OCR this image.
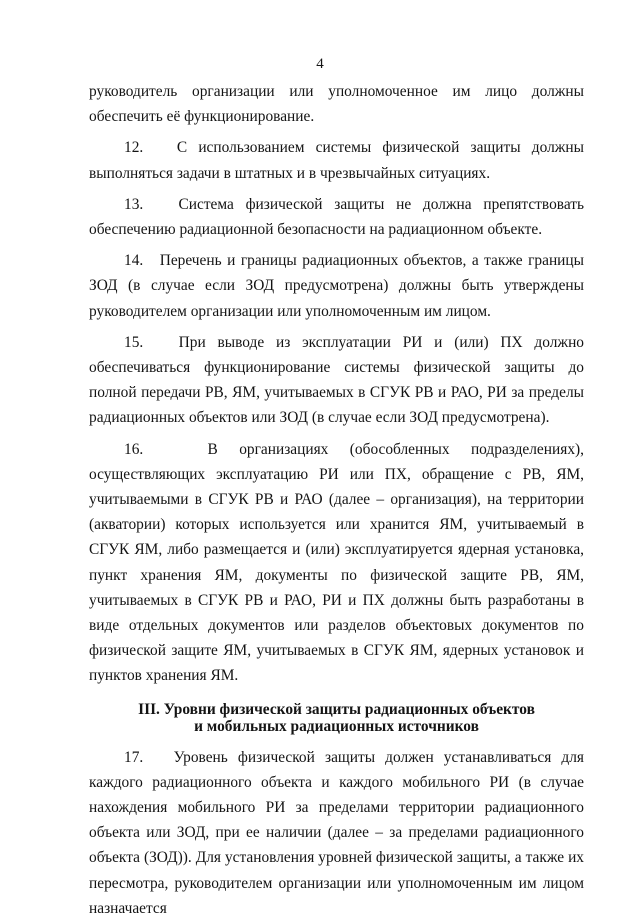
4

руководитель организации или уполномоченное им лицо должны обеспечить её функционирование.

12.   С использованием системы физической защиты должны выполняться задачи в штатных и в чрезвычайных ситуациях.

13.   Система физической защиты не должна препятствовать обеспечению радиационной безопасности на радиационном объекте.

14.   Перечень и границы радиационных объектов, а также границы ЗОД (в случае если ЗОД предусмотрена) должны быть утверждены руководителем организации или уполномоченным им лицом.

15.   При выводе из эксплуатации РИ и (или) ПХ должно обеспечиваться функционирование системы физической защиты до полной передачи РВ, ЯМ, учитываемых в СГУК РВ и РАО, РИ за пределы радиационных объектов или ЗОД (в случае если ЗОД предусмотрена).

16.   В организациях (обособленных подразделениях), осуществляющих эксплуатацию РИ или ПХ, обращение с РВ, ЯМ, учитываемыми в СГУК РВ и РАО (далее – организация), на территории (акватории) которых используется или хранится ЯМ, учитываемый в СГУК ЯМ, либо размещается и (или) эксплуатируется ядерная установка, пункт хранения ЯМ, документы по физической защите РВ, ЯМ, учитываемых в СГУК РВ и РАО, РИ и ПХ должны быть разработаны в виде отдельных документов или разделов объектовых документов по физической защите ЯМ, учитываемых в СГУК ЯМ, ядерных установок и пунктов хранения ЯМ.

III. Уровни физической защиты радиационных объектов
и мобильных радиационных источников

17.   Уровень физической защиты должен устанавливаться для каждого радиационного объекта и каждого мобильного РИ (в случае нахождения мобильного РИ за пределами территории радиационного объекта или ЗОД, при ее наличии (далее – за пределами радиационного объекта (ЗОД)). Для установления уровней физической защиты, а также их пересмотра, руководителем организации или уполномоченным им лицом назначается
